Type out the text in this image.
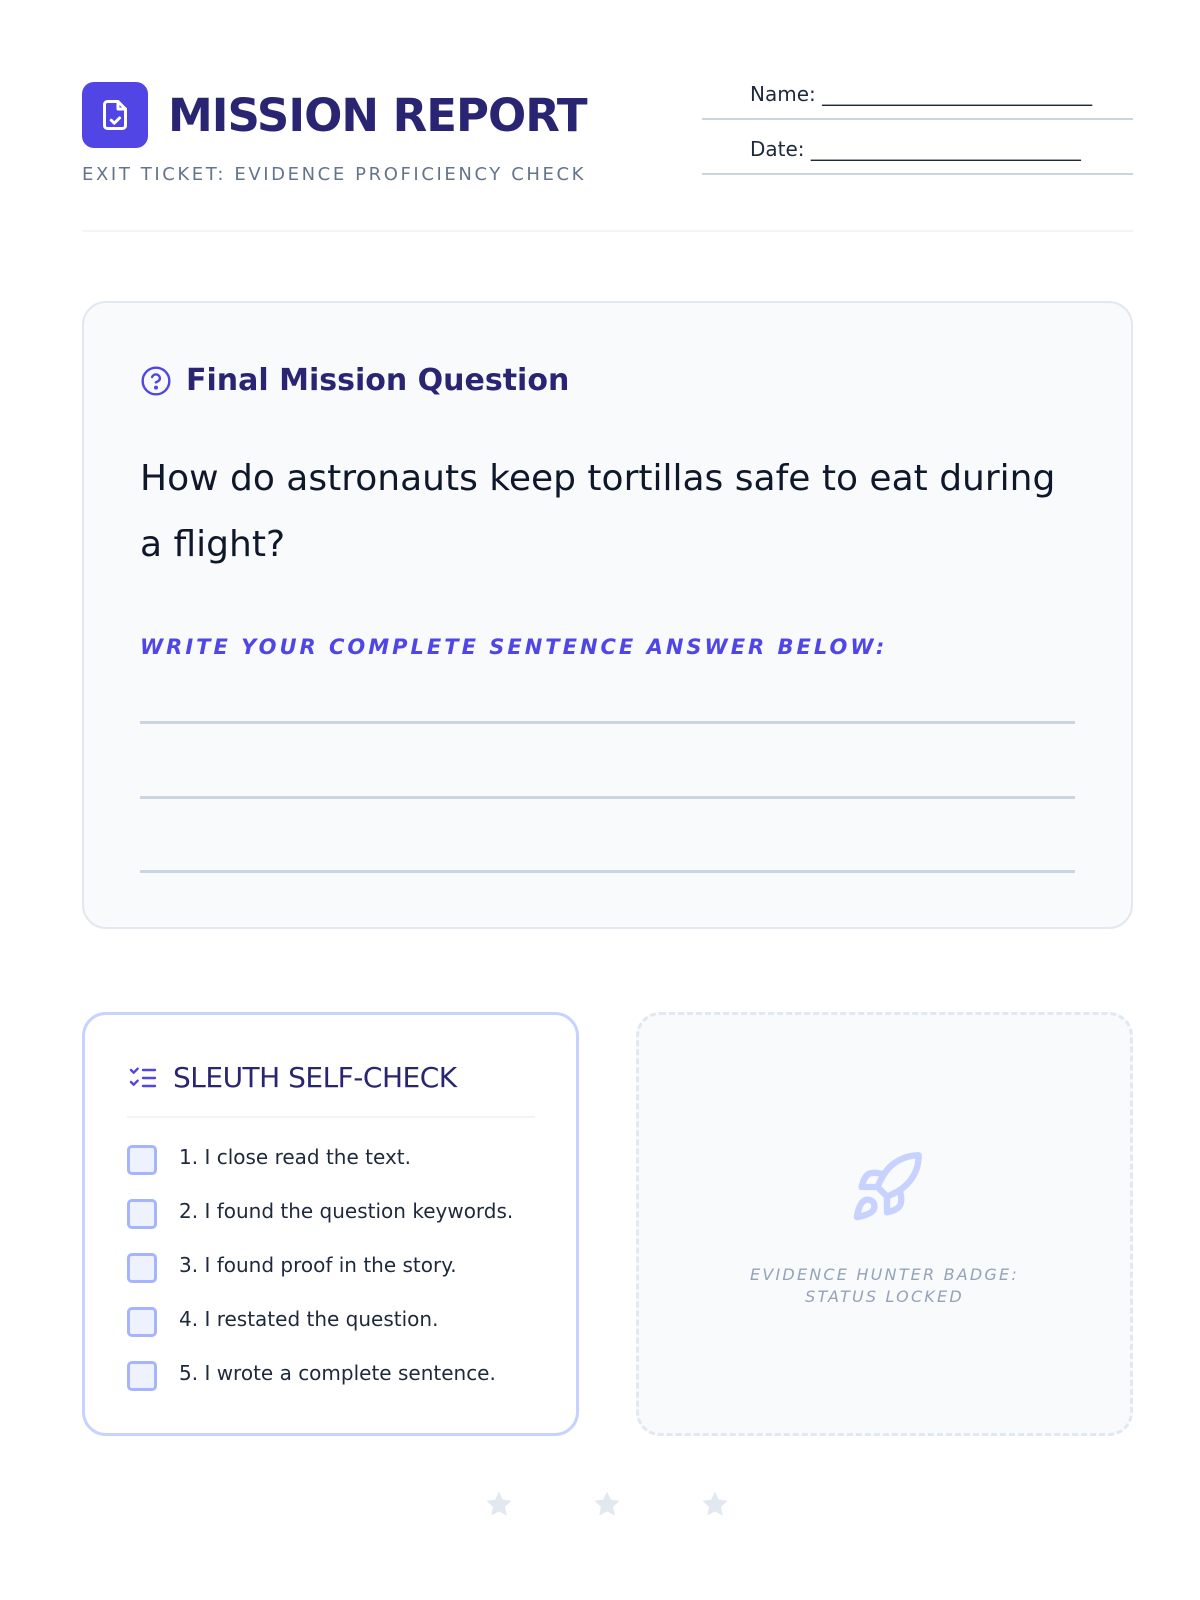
MISSION REPORT
EXIT TICKET: EVIDENCE PROFICIENCY CHECK
Name: ___________________________
Date: ___________________________
Final Mission Question
How do astronauts keep tortillas safe to eat during a flight?
WRITE YOUR COMPLETE SENTENCE ANSWER BELOW:
SLEUTH SELF-CHECK
1. I close read the text.
2. I found the question keywords.
3. I found proof in the story.
4. I restated the question.
5. I wrote a complete sentence.
EVIDENCE HUNTER BADGE:
STATUS LOCKED
